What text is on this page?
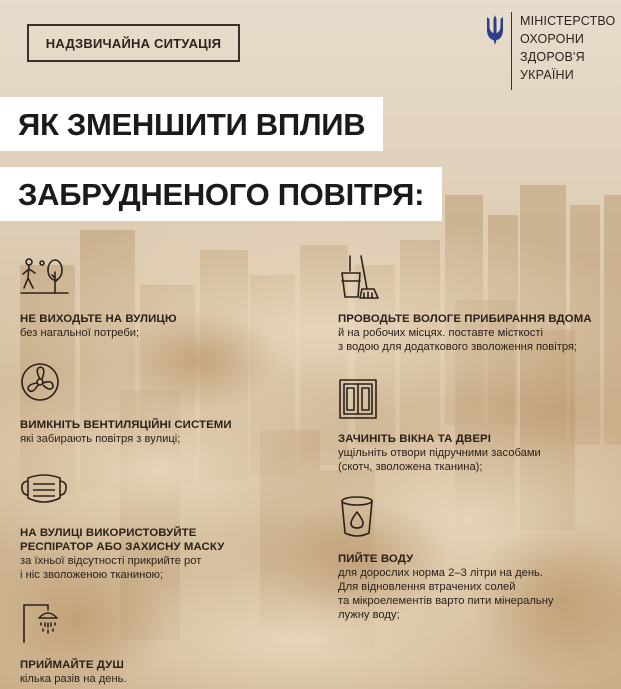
НАДЗВИЧАЙНА СИТУАЦІЯ
МІНІСТЕРСТВО
ОХОРОНИ
ЗДОРОВ'Я
УКРАЇНИ
ЯК ЗМЕНШИТИ ВПЛИВ
ЗАБРУДНЕНОГО ПОВІТРЯ:
НЕ ВИХОДЬТЕ НА ВУЛИЦЮ
без нагальної потреби;
ВИМКНІТЬ ВЕНТИЛЯЦІЙНІ СИСТЕМИ
які забирають повітря з вулиці;
НА ВУЛИЦІ ВИКОРИСТОВУЙТЕ
РЕСПІРАТОР АБО ЗАХИСНУ МАСКУ
за їхньої відсутності прикрийте рот
і ніс зволоженою тканиною;
ПРИЙМАЙТЕ ДУШ
кілька разів на день.
ПРОВОДЬТЕ ВОЛОГЕ ПРИБИРАННЯ ВДОМА
й на робочих місцях. поставте місткості
з водою для додаткового зволоження повітря;
ЗАЧИНІТЬ ВІКНА ТА ДВЕРІ
ущільніть отвори підручними засобами
(скотч, зволожена тканина);
ПИЙТЕ ВОДУ
для дорослих норма 2–3 літри на день.
Для відновлення втрачених солей
та мікроелементів варто пити мінеральну
лужну воду;
